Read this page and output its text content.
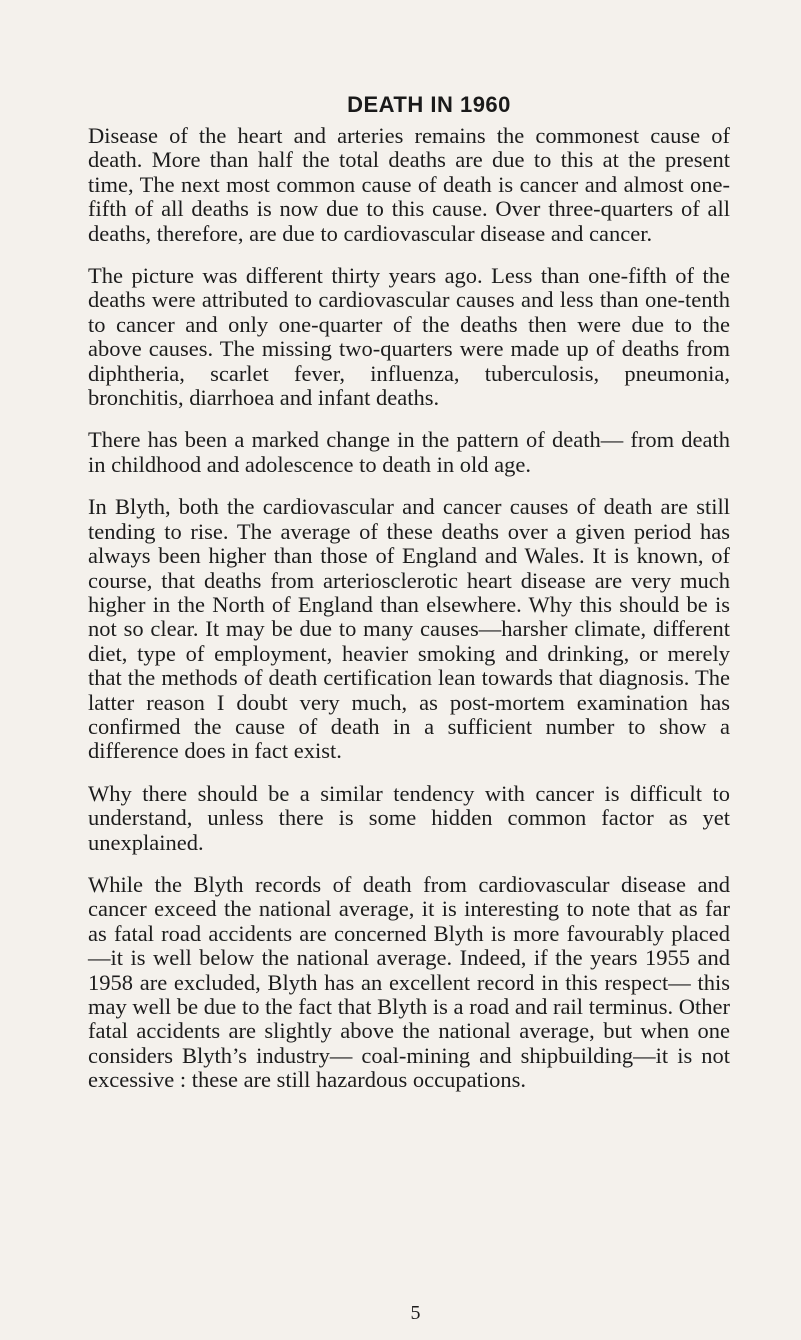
DEATH IN 1960

Disease of the heart and arteries remains the commonest cause of death. More than half the total deaths are due to this at the present time, The next most common cause of death is cancer and almost one-fifth of all deaths is now due to this cause. Over three-quarters of all deaths, therefore, are due to cardiovascular disease and cancer.

The picture was different thirty years ago. Less than one-fifth of the deaths were attributed to cardiovascular causes and less than one-tenth to cancer and only one-quarter of the deaths then were due to the above causes. The missing two-quarters were made up of deaths from diphtheria, scarlet fever, influenza, tuberculosis, pneumonia, bronchitis, diarrhoea and infant deaths.

There has been a marked change in the pattern of death— from death in childhood and adolescence to death in old age.

In Blyth, both the cardiovascular and cancer causes of death are still tending to rise. The average of these deaths over a given period has always been higher than those of England and Wales. It is known, of course, that deaths from arteriosclerotic heart disease are very much higher in the North of England than elsewhere. Why this should be is not so clear. It may be due to many causes—harsher climate, different diet, type of employment, heavier smoking and drinking, or merely that the methods of death certification lean towards that diagnosis. The latter reason I doubt very much, as post-mortem examination has confirmed the cause of death in a sufficient number to show a difference does in fact exist.

Why there should be a similar tendency with cancer is difficult to understand, unless there is some hidden common factor as yet unexplained.

While the Blyth records of death from cardiovascular disease and cancer exceed the national average, it is interesting to note that as far as fatal road accidents are concerned Blyth is more favourably placed—it is well below the national average. Indeed, if the years 1955 and 1958 are excluded, Blyth has an excellent record in this respect— this may well be due to the fact that Blyth is a road and rail terminus. Other fatal accidents are slightly above the national average, but when one considers Blyth’s industry— coal-mining and shipbuilding—it is not excessive : these are still hazardous occupations.

5
